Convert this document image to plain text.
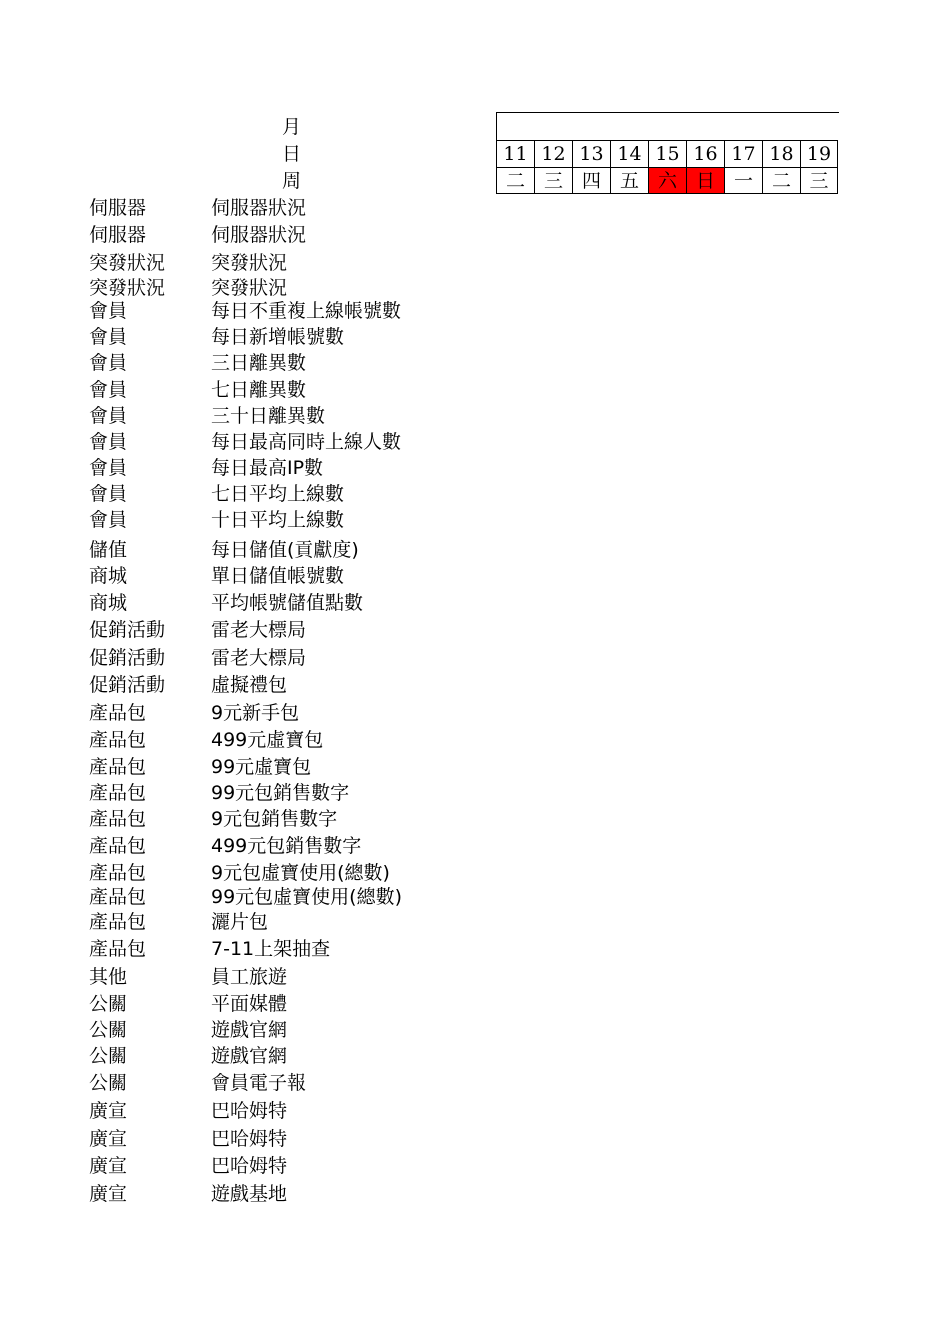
月
日
周
11 12 13 14 15 16 17 18 19
二 三 四 五 六 日 一 二 三
伺服器	伺服器狀況
伺服器	伺服器狀況
突發狀況 突發狀況
突發狀況 突發狀況
會員	每日不重複上線帳號數
會員	每日新增帳號數
會員	三日離異數
會員	七日離異數
會員	三十日離異數
會員	每日最高同時上線人數
會員	每日最高IP數
會員	七日平均上線數
會員	十日平均上線數
儲值	每日儲值(貢獻度)
商城	單日儲值帳號數
商城	平均帳號儲值點數
促銷活動 雷老大標局
促銷活動 雷老大標局
促銷活動 虛擬禮包
產品包	9元新手包
產品包	499元虛寶包
產品包	99元虛寶包
產品包	99元包銷售數字
產品包	9元包銷售數字
產品包	499元包銷售數字
產品包	9元包虛寶使用(總數)
產品包	99元包虛寶使用(總數)
產品包	灑片包
產品包	7-11上架抽查
其他	員工旅遊
公關	平面媒體
公關	遊戲官網
公關	遊戲官網
公關	會員電子報
廣宣	巴哈姆特
廣宣	巴哈姆特
廣宣	巴哈姆特
廣宣	遊戲基地
